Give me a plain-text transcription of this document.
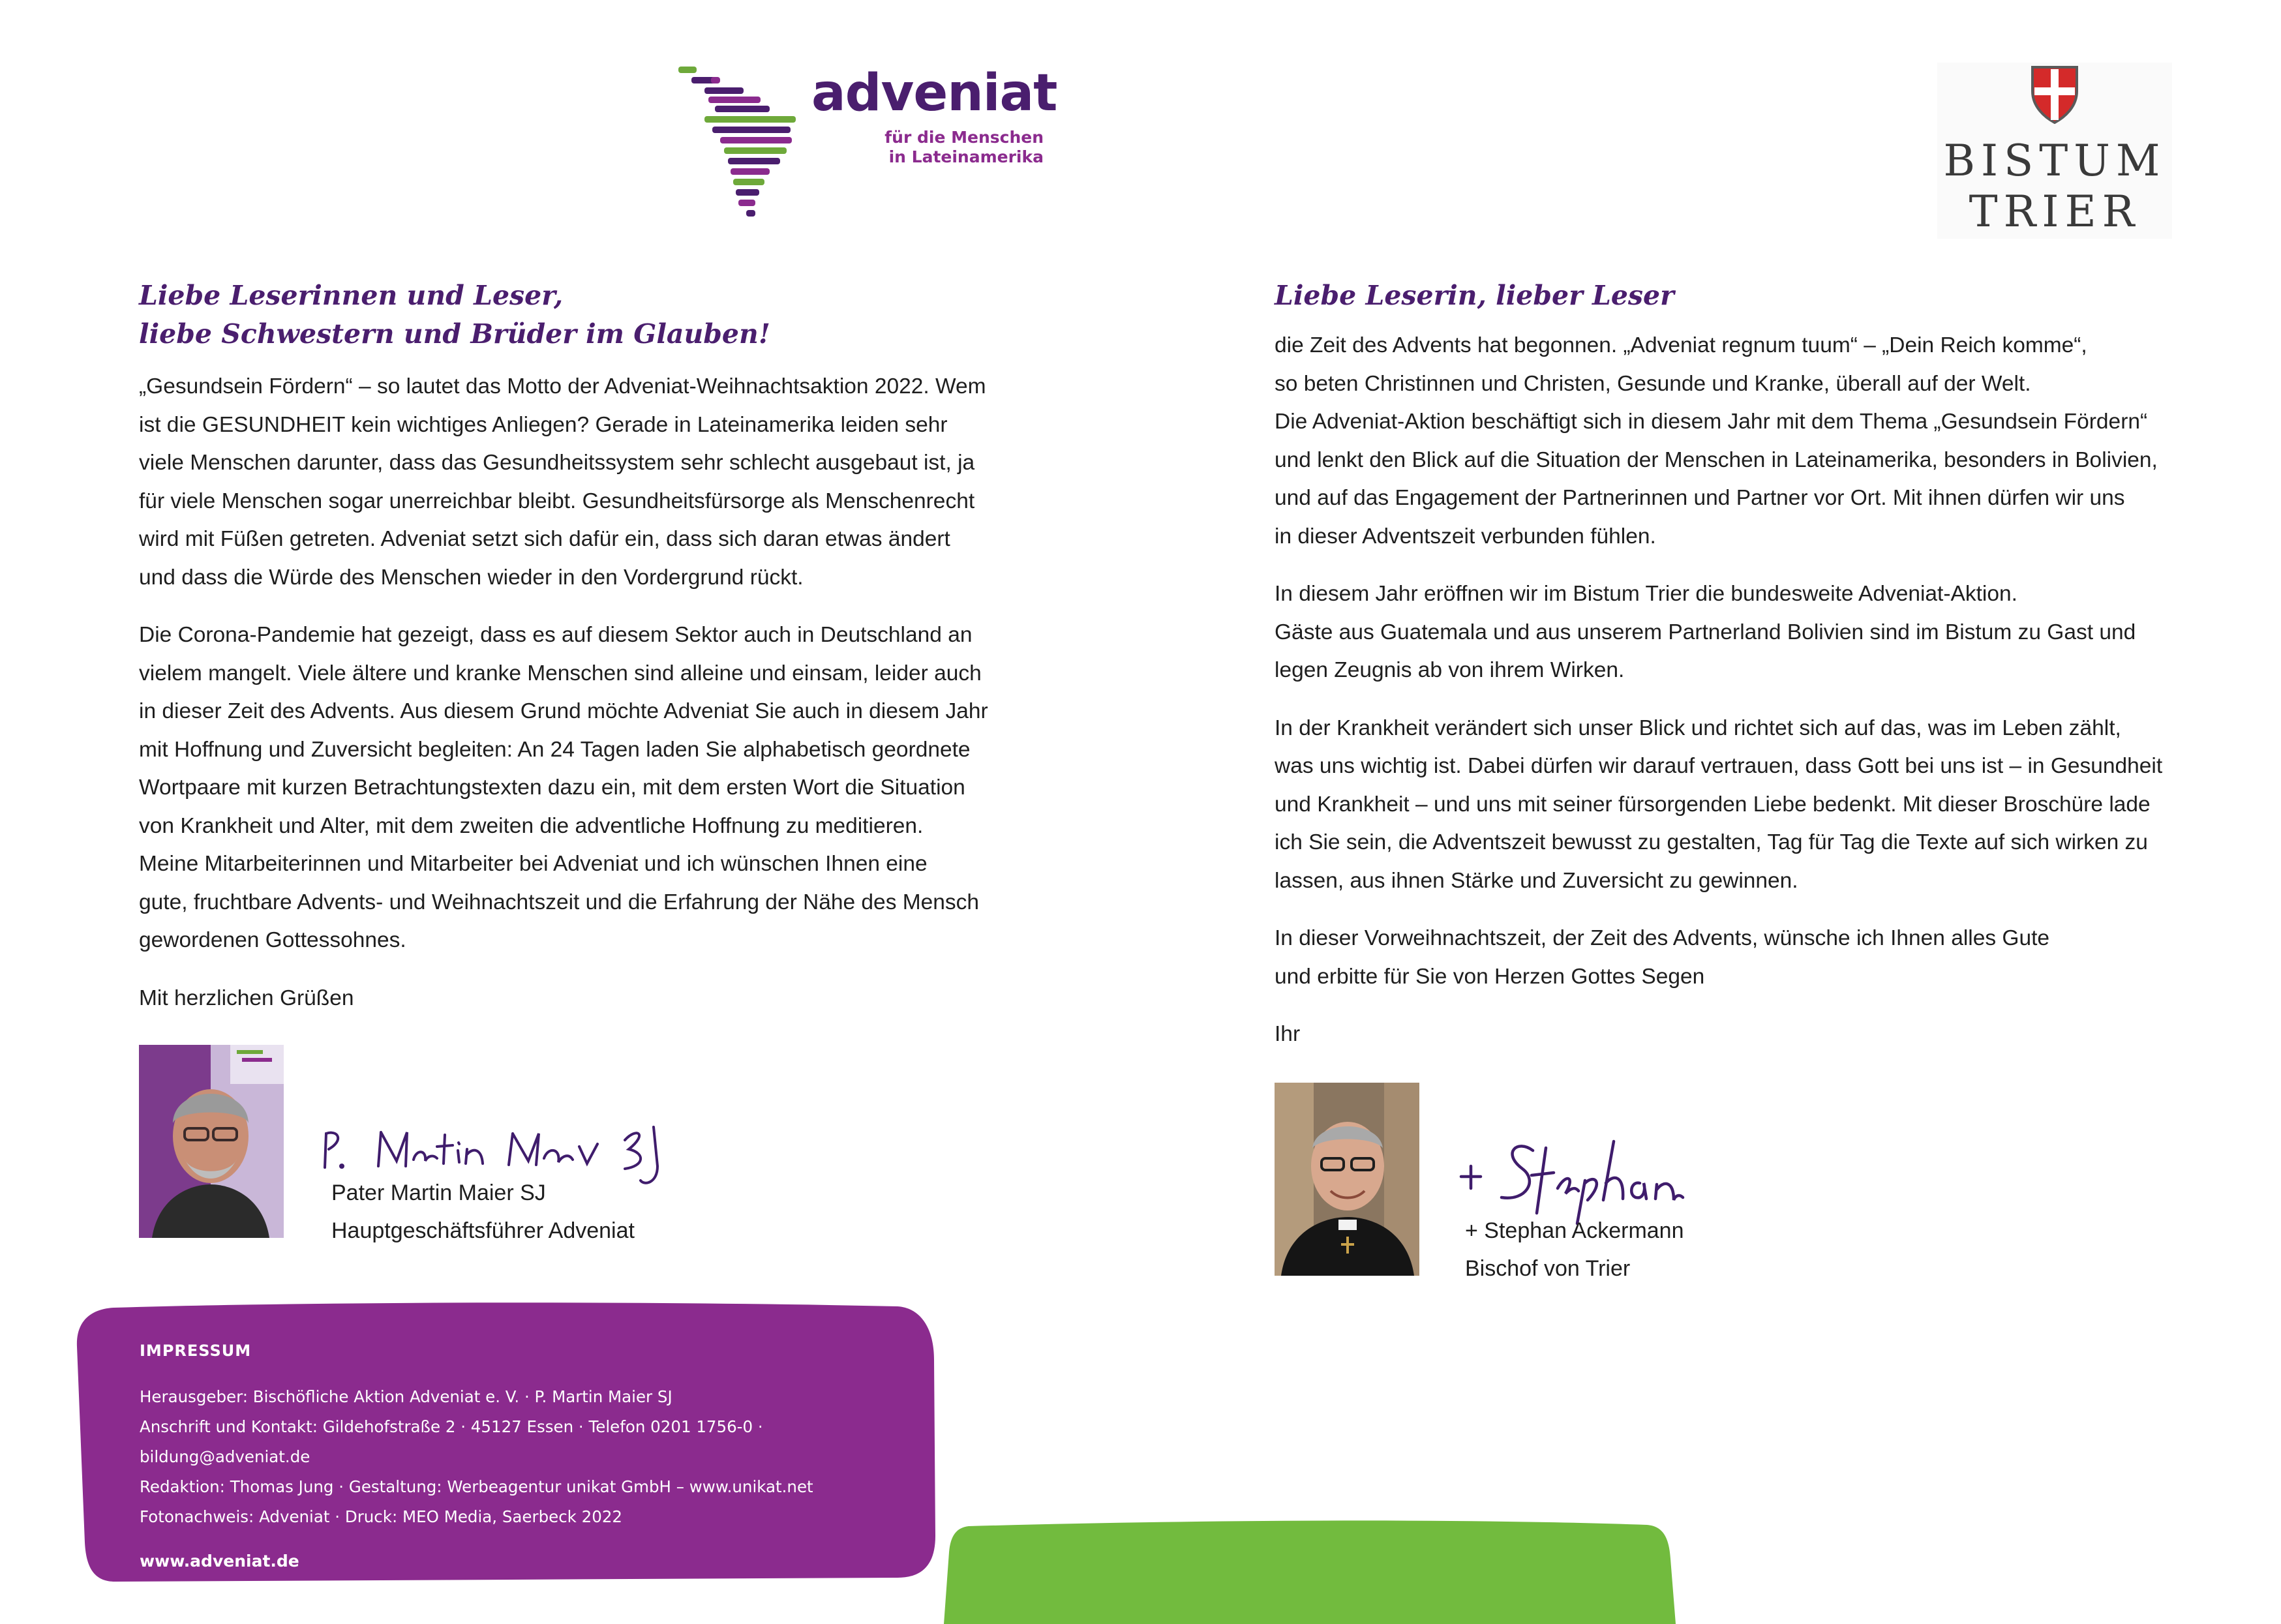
adveniat
für die Menschen
in Lateinamerika	BISTUM
TRIER

Liebe Leserinnen und Leser,

liebe Schwestern und Brüder im Glauben!

„Gesundsein Fördern“ – so lautet das Motto der Adveniat-Weihnachtsaktion 2022. Wem
ist die GESUNDHEIT kein wichtiges Anliegen? Gerade in Lateinamerika leiden sehr
viele Menschen darunter, dass das Gesundheitssystem sehr schlecht ausgebaut ist, ja
für viele Menschen sogar unerreichbar bleibt. Gesundheitsfürsorge als Menschenrecht
wird mit Füßen getreten. Adveniat setzt sich dafür ein, dass sich daran etwas ändert
und dass die Würde des Menschen wieder in den Vordergrund rückt.

Die Corona-Pandemie hat gezeigt, dass es auf diesem Sektor auch in Deutschland an
vielem mangelt. Viele ältere und kranke Menschen sind alleine und einsam, leider auch
in dieser Zeit des Advents. Aus diesem Grund möchte Adveniat Sie auch in diesem Jahr
mit Hoffnung und Zuversicht begleiten: An 24 Tagen laden Sie alphabetisch geordnete
Wortpaare mit kurzen Betrachtungstexten dazu ein, mit dem ersten Wort die Situation
von Krankheit und Alter, mit dem zweiten die adventliche Hoffnung zu meditieren.
Meine Mitarbeiterinnen und Mitarbeiter bei Adveniat und ich wünschen Ihnen eine
gute, fruchtbare Advents- und Weihnachtszeit und die Erfahrung der Nähe des Mensch
gewordenen Gottessohnes.

Mit herzlichen Grüßen

Pater Martin Maier SJ
Hauptgeschäftsführer Adveniat

Liebe Leserin, lieber Leser

die Zeit des Advents hat begonnen. „Adveniat regnum tuum“ – „Dein Reich komme“,
so beten Christinnen und Christen, Gesunde und Kranke, überall auf der Welt.
Die Adveniat-Aktion beschäftigt sich in diesem Jahr mit dem Thema „Gesundsein Fördern“
und lenkt den Blick auf die Situation der Menschen in Lateinamerika, besonders in Bolivien,
und auf das Engagement der Partnerinnen und Partner vor Ort. Mit ihnen dürfen wir uns
in dieser Adventszeit verbunden fühlen.

In diesem Jahr eröffnen wir im Bistum Trier die bundesweite Adveniat-Aktion.
Gäste aus Guatemala und aus unserem Partnerland Bolivien sind im Bistum zu Gast und
legen Zeugnis ab von ihrem Wirken.

In der Krankheit verändert sich unser Blick und richtet sich auf das, was im Leben zählt,
was uns wichtig ist. Dabei dürfen wir darauf vertrauen, dass Gott bei uns ist – in Gesundheit
und Krankheit – und uns mit seiner fürsorgenden Liebe bedenkt. Mit dieser Broschüre lade
ich Sie sein, die Adventszeit bewusst zu gestalten, Tag für Tag die Texte auf sich wirken zu
lassen, aus ihnen Stärke und Zuversicht zu gewinnen.

In dieser Vorweihnachtszeit, der Zeit des Advents, wünsche ich Ihnen alles Gute
und erbitte für Sie von Herzen Gottes Segen

Ihr

+ Stephan Ackermann
Bischof von Trier

IMPRESSUM

Herausgeber: Bischöfliche Aktion Adveniat e. V. · P. Martin Maier SJ

Anschrift und Kontakt: Gildehofstraße 2 · 45127 Essen · Telefon 0201 1756-0 · bildung@adveniat.de

Redaktion: Thomas Jung · Gestaltung: Werbeagentur unikat GmbH – www.unikat.net

Fotonachweis: Adveniat · Druck: MEO Media, Saerbeck 2022

www.adveniat.de
